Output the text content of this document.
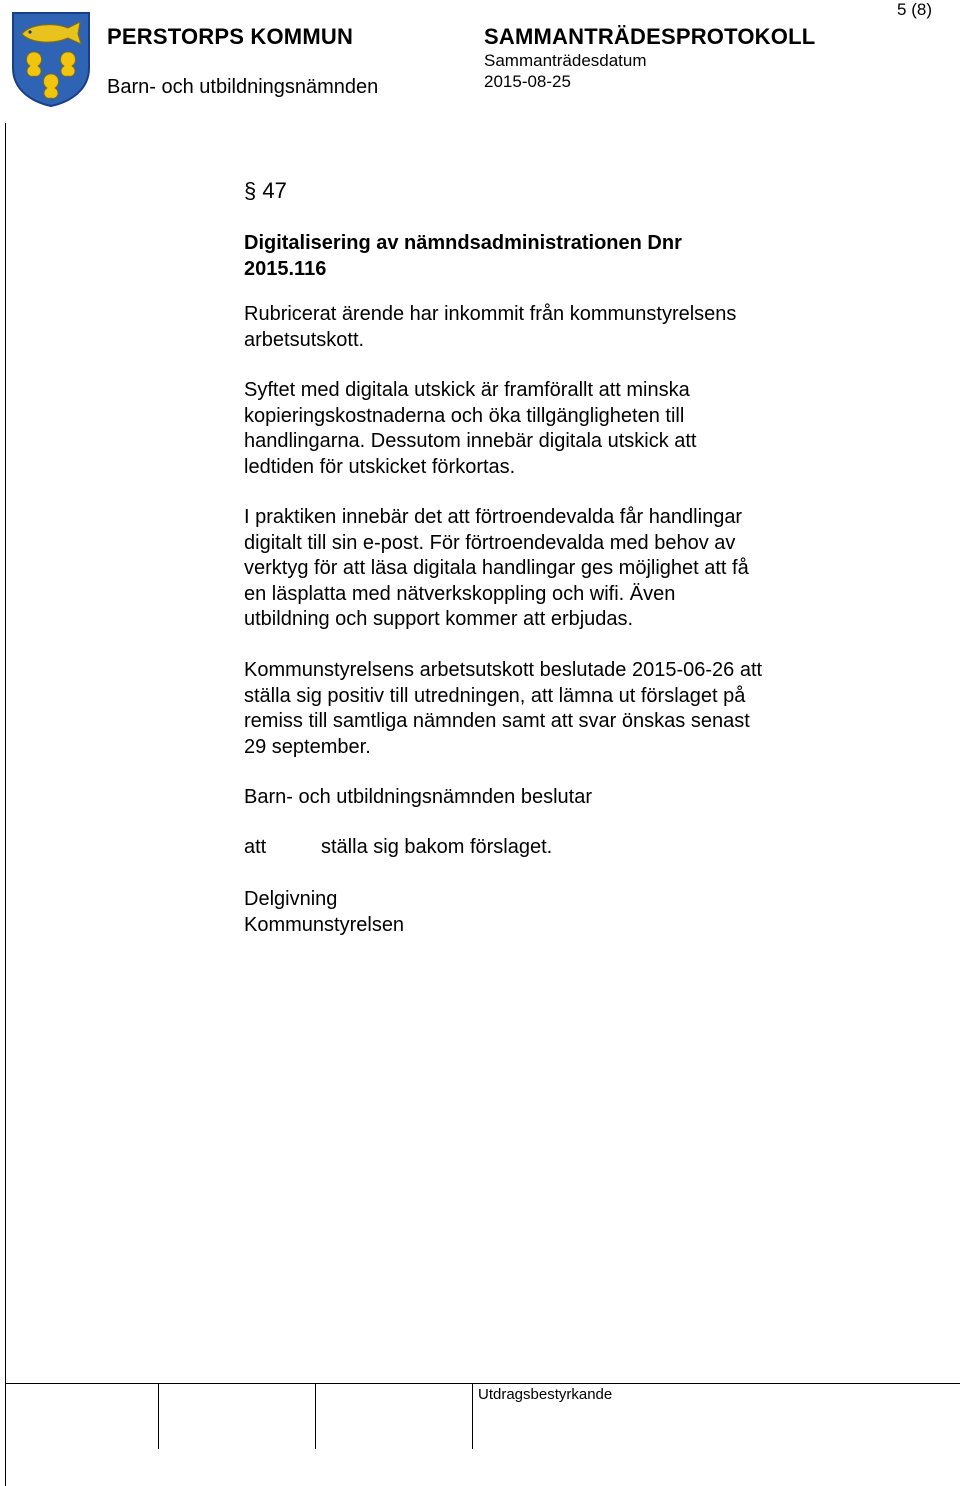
5 (8)
PERSTORPS KOMMUN
Barn- och utbildningsnämnden
SAMMANTRÄDESPROTOKOLL
Sammanträdesdatum
2015-08-25
§ 47
Digitalisering av nämndsadministrationen Dnr
2015.116
Rubricerat ärende har inkommit från kommunstyrelsens
arbetsutskott.
Syftet med digitala utskick är framförallt att minska
kopieringskostnaderna och öka tillgängligheten till
handlingarna. Dessutom innebär digitala utskick att
ledtiden för utskicket förkortas.
I praktiken innebär det att förtroendevalda får handlingar
digitalt till sin e-post. För förtroendevalda med behov av
verktyg för att läsa digitala handlingar ges möjlighet att få
en läsplatta med nätverkskoppling och wifi. Även
utbildning och support kommer att erbjudas.
Kommunstyrelsens arbetsutskott beslutade 2015-06-26 att
ställa sig positiv till utredningen, att lämna ut förslaget på
remiss till samtliga nämnden samt att svar önskas senast
29 september.
Barn- och utbildningsnämnden beslutar
att	ställa sig bakom förslaget.
Delgivning
Kommunstyrelsen
Utdragsbestyrkande
